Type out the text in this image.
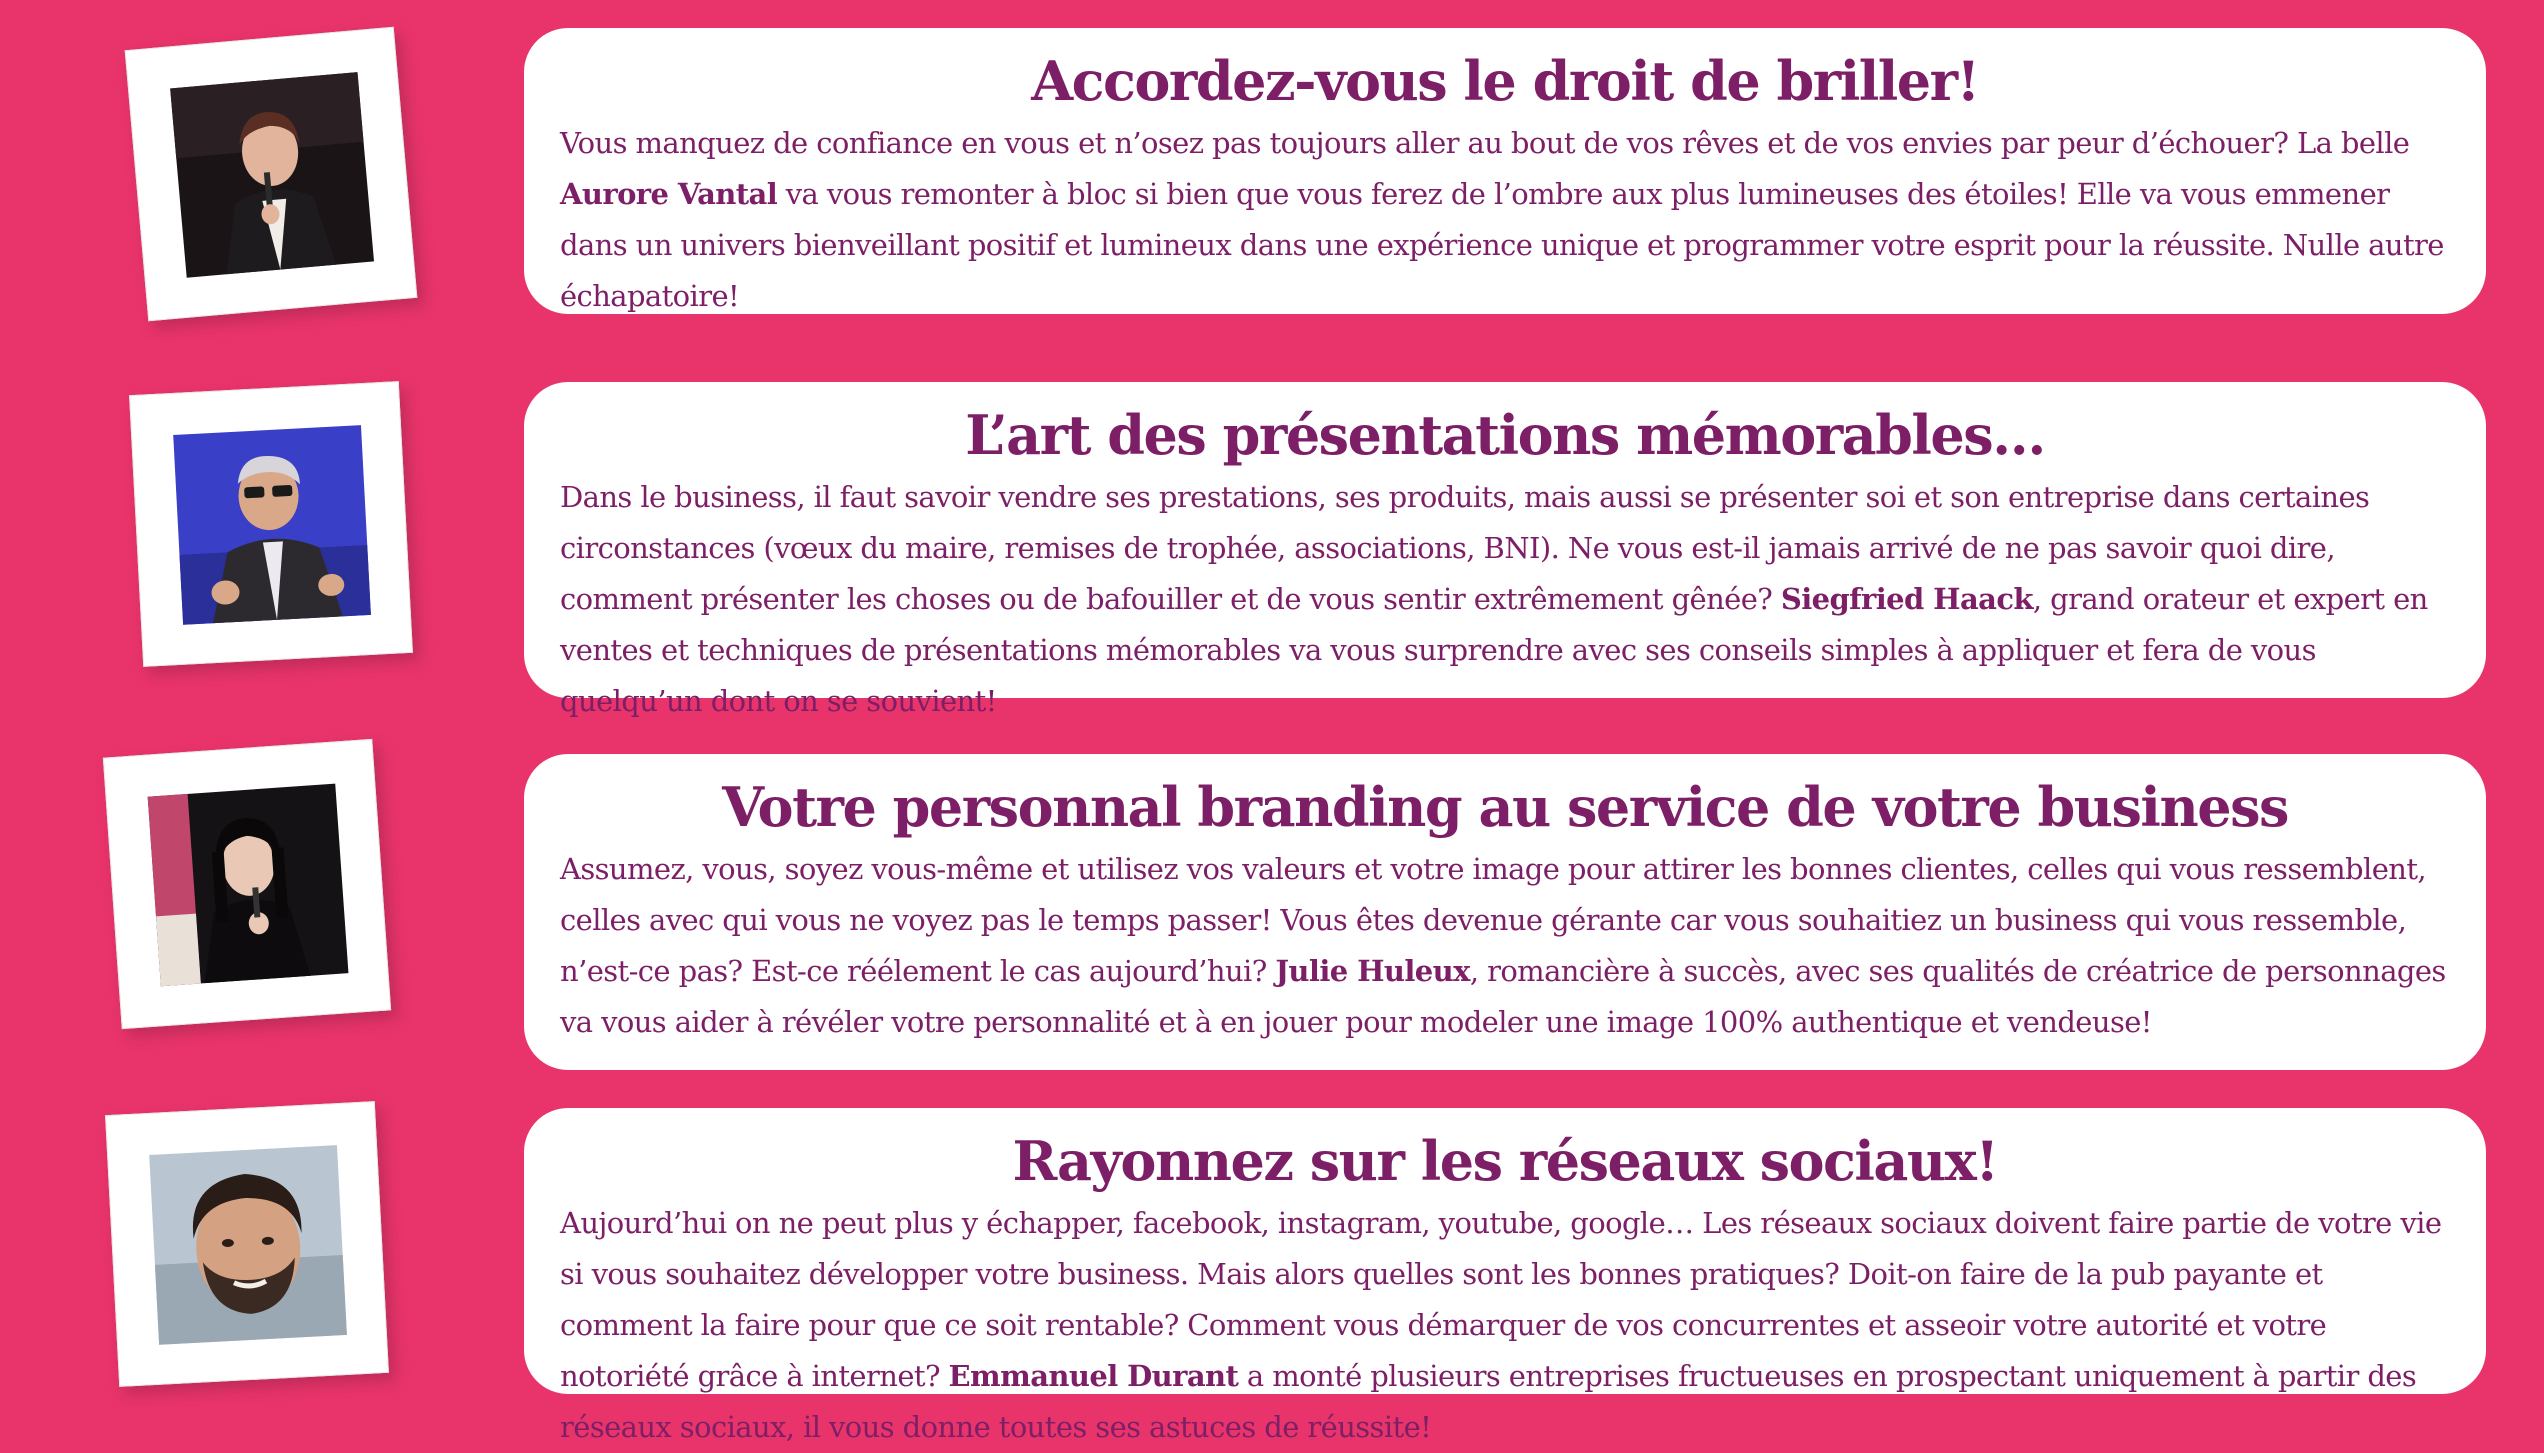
Accordez-vous le droit de briller!

Vous manquez de confiance en vous et n’osez pas toujours aller au bout de vos rêves et de vos envies par peur d’échouer? La belle Aurore Vantal va vous remonter à bloc si bien que vous ferez de l’ombre aux plus lumineuses des étoiles! Elle va vous emmener dans un univers bienveillant positif et lumineux dans une expérience unique et programmer votre esprit pour la réussite. Nulle autre échapatoire!

L’art des présentations mémorables…

Dans le business, il faut savoir vendre ses prestations, ses produits, mais aussi se présenter soi et son entreprise dans certaines circonstances (vœux du maire, remises de trophée, associations, BNI). Ne vous est-il jamais arrivé de ne pas savoir quoi dire, comment présenter les choses ou de bafouiller et de vous sentir extrêmement gênée? Siegfried Haack, grand orateur et expert en ventes et techniques de présentations mémorables va vous surprendre avec ses conseils simples à appliquer et fera de vous quelqu’un dont on se souvient!

Votre personnal branding au service de votre business

Assumez, vous, soyez vous-même et utilisez vos valeurs et votre image pour attirer les bonnes clientes, celles qui vous ressemblent, celles avec qui vous ne voyez pas le temps passer! Vous êtes devenue gérante car vous souhaitiez un business qui vous ressemble, n’est-ce pas? Est-ce réélement le cas aujourd’hui? Julie Huleux, romancière à succès, avec ses qualités de créatrice de personnages va vous aider à révéler votre personnalité et à en jouer pour modeler une image 100% authentique et vendeuse!

Rayonnez sur les réseaux sociaux!

Aujourd’hui on ne peut plus y échapper, facebook, instagram, youtube, google… Les réseaux sociaux doivent faire partie de votre vie si vous souhaitez développer votre business. Mais alors quelles sont les bonnes pratiques? Doit-on faire de la pub payante et comment la faire pour que ce soit rentable? Comment vous démarquer de vos concurrentes et asseoir votre autorité et votre notoriété grâce à internet? Emmanuel Durant a monté plusieurs entreprises fructueuses en prospectant uniquement à partir des réseaux sociaux, il vous donne toutes ses astuces de réussite!
